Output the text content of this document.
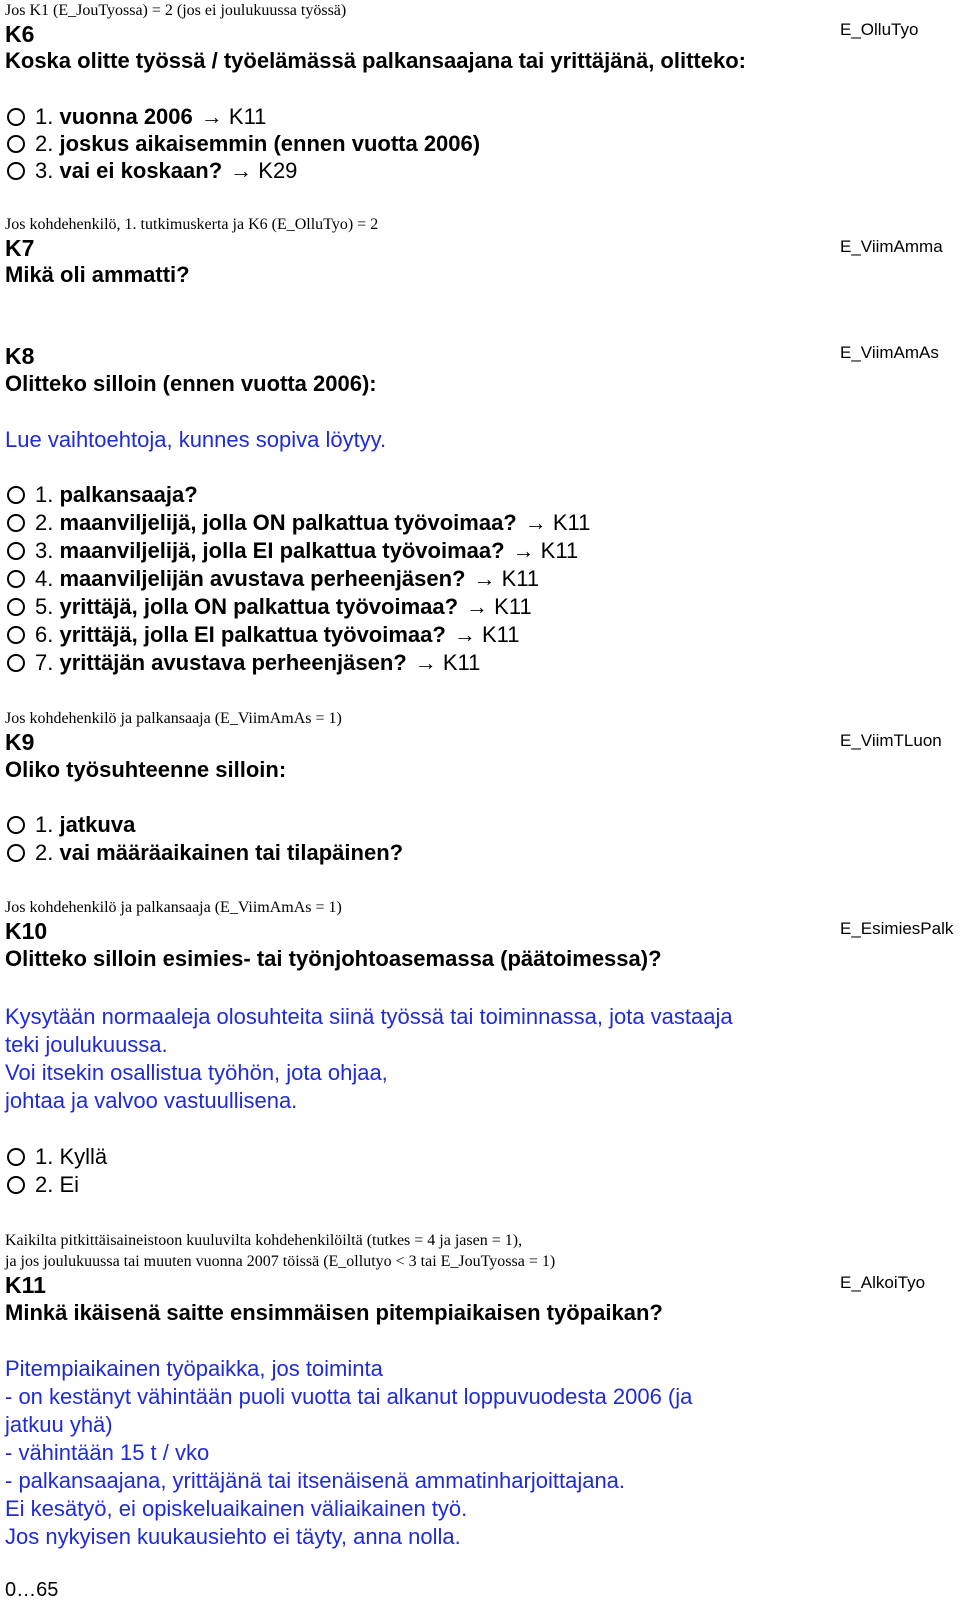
Jos K1 (E_JouTyossa) = 2 (jos ei joulukuussa työssä)
K6	E_OlluTyo
Koska olitte työssä / työelämässä palkansaajana tai yrittäjänä, olitteko:
1.
vuonna 2006 →
K11
2.
joskus aikaisemmin (ennen vuotta 2006)
3.
vai ei koskaan? →
K29
Jos kohdehenkilö, 1. tutkimuskerta ja K6 (E_OlluTyo) = 2
K7	E_ViimAmma
Mikä oli ammatti?
K8	E_ViimAmAs
Olitteko silloin (ennen vuotta 2006):
Lue vaihtoehtoja, kunnes sopiva löytyy.
1.
palkansaaja?
2.
maanviljelijä, jolla ON palkattua työvoimaa? →
K11
3.
maanviljelijä, jolla EI palkattua työvoimaa? →
K11
4.
maanviljelijän avustava perheenjäsen? →
K11
5.
yrittäjä, jolla ON palkattua työvoimaa? →
K11
6.
yrittäjä, jolla EI palkattua työvoimaa? →
K11
7.
yrittäjän avustava perheenjäsen? →
K11
Jos kohdehenkilö ja palkansaaja (E_ViimAmAs = 1)
K9	E_ViimTLuon
Oliko työsuhteenne silloin:
1.
jatkuva
2.
vai määräaikainen tai tilapäinen?
Jos kohdehenkilö ja palkansaaja (E_ViimAmAs = 1)
K10	E_EsimiesPalk
Olitteko silloin esimies- tai työnjohtoasemassa (päätoimessa)?
Kysytään normaaleja olosuhteita siinä työssä tai toiminnassa, jota vastaaja
teki joulukuussa.
Voi itsekin osallistua työhön, jota ohjaa,
johtaa ja valvoo vastuullisena.
1.
Kyllä
2.
Ei
Kaikilta pitkittäisaineistoon kuuluvilta kohdehenkilöiltä (tutkes = 4 ja jasen = 1),
ja jos joulukuussa tai muuten vuonna 2007 töissä (E_ollutyo < 3 tai E_JouTyossa = 1)
K11	E_AlkoiTyo
Minkä ikäisenä saitte ensimmäisen pitempiaikaisen työpaikan?
Pitempiaikainen työpaikka, jos toiminta
- on kestänyt vähintään puoli vuotta tai alkanut loppuvuodesta 2006 (ja
jatkuu yhä)
- vähintään 15 t / vko
- palkansaajana, yrittäjänä tai itsenäisenä ammatinharjoittajana.
Ei kesätyö, ei opiskeluaikainen väliaikainen työ.
Jos nykyisen kuukausiehto ei täyty, anna nolla.
0…65
